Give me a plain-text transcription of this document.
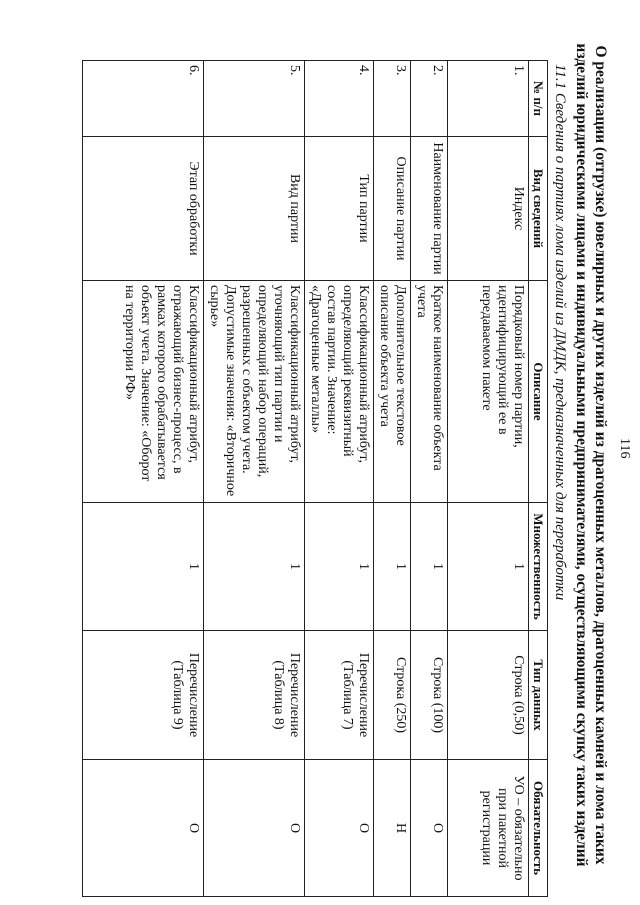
116
О реализации (отгрузке) ювелирных и других изделий из драгоценных металлов, драгоценных камней и лома таких изделий юридическими лицами и индивидуальными предпринимателями, осуществляющими скупку таких изделий
11.1 Сведения о партиях лома изделий из ДМДК, предназначенных для переработки
№ п/п	Вид сведений	Описание	Множественность	Тип данных	Обязательность
1.	Индекс	Порядковый номер партии, идентифицирующий ее в передаваемом пакете	1	Строка (0,50)	УО – обязательно при пакетной регистрации
2.	Наименование партии	Краткое наименование объекта учета	1	Строка (100)	О
3.	Описание партии	Дополнительное текстовое описание объекта учета	1	Строка (250)	Н
4.	Тип партии	Классификационный атрибут, определяющий реквизитный состав партии. Значение: «Драгоценные металлы»	1	Перечисление (Таблица 7)	О
5.	Вид партии	Классификационный атрибут, уточняющий тип партии и определяющий набор операций, разрешенных с объектом учета. Допустимые значения: «Вторичное сырье»	1	Перечисление (Таблица 8)	О
6.	Этап обработки	Классификационный атрибут, отражающий бизнес-процесс, в рамках которого обрабатывается объект учета. Значение: «Оборот на территории РФ»	1	Перечисление (Таблица 9)	О
